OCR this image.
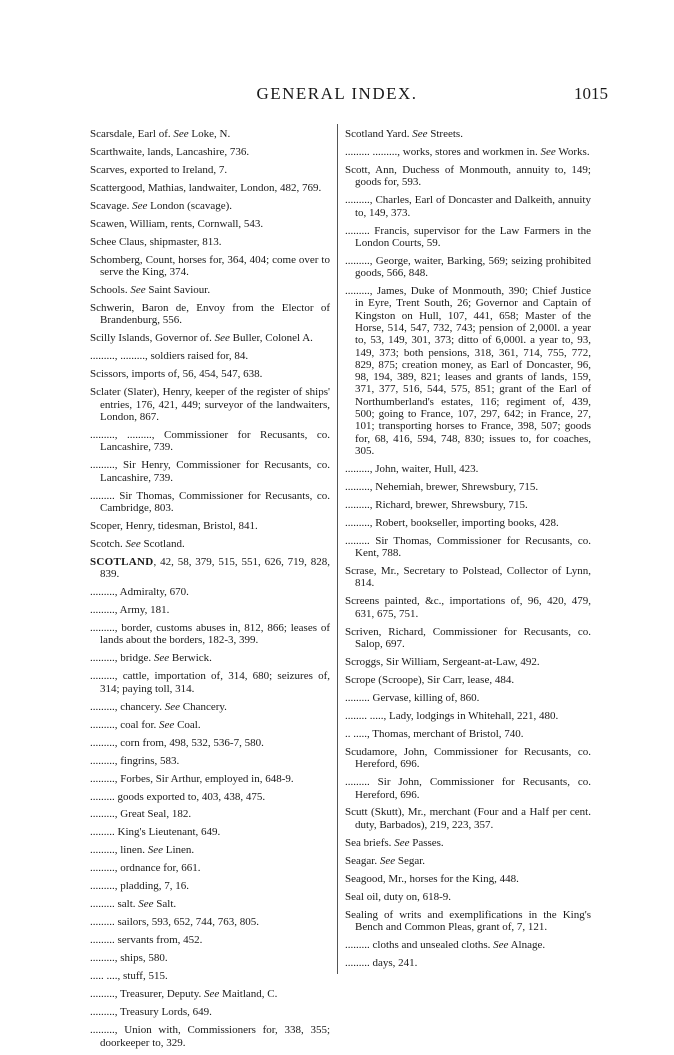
GENERAL INDEX.	1015

Scarsdale, Earl of. See Loke, N.

Scarthwaite, lands, Lancashire, 736.

Scarves, exported to Ireland, 7.

Scattergood, Mathias, landwaiter, London, 482, 769.

Scavage. See London (scavage).

Scawen, William, rents, Cornwall, 543.

Schee Claus, shipmaster, 813.

Schomberg, Count, horses for, 364, 404; come over to serve the King, 374.

Schools. See Saint Saviour.

Schwerin, Baron de, Envoy from the Elector of Brandenburg, 556.

Scilly Islands, Governor of. See Buller, Colonel A.

........., ........., soldiers raised for, 84.

Scissors, imports of, 56, 454, 547, 638.

Sclater (Slater), Henry, keeper of the register of ships' entries, 176, 421, 449; surveyor of the landwaiters, London, 867.

........., ........., Commissioner for Recusants, co. Lancashire, 739.

........., Sir Henry, Commissioner for Recusants, co. Lancashire, 739.

......... Sir Thomas, Commissioner for Recusants, co. Cambridge, 803.

Scoper, Henry, tidesman, Bristol, 841.

Scotch. See Scotland.

SCOTLAND, 42, 58, 379, 515, 551, 626, 719, 828, 839.

........., Admiralty, 670.

........., Army, 181.

........., border, customs abuses in, 812, 866; leases of lands about the borders, 182-3, 399.

........., bridge. See Berwick.

........., cattle, importation of, 314, 680; seizures of, 314; paying toll, 314.

........., chancery. See Chancery.

........., coal for. See Coal.

........., corn from, 498, 532, 536-7, 580.

........., fingrins, 583.

........., Forbes, Sir Arthur, employed in, 648-9.

......... goods exported to, 403, 438, 475.

........., Great Seal, 182.

......... King's Lieutenant, 649.

........., linen. See Linen.

........., ordnance for, 661.

........., pladding, 7, 16.

......... salt. See Salt.

......... sailors, 593, 652, 744, 763, 805.

......... servants from, 452.

........., ships, 580.

..... ...., stuff, 515.

........., Treasurer, Deputy. See Maitland, C.

........., Treasury Lords, 649.

........., Union with, Commissioners for, 338, 355; doorkeeper to, 329.

Scotland Yard. See Streets.

......... ........., works, stores and workmen in. See Works.

Scott, Ann, Duchess of Monmouth, annuity to, 149; goods for, 593.

........., Charles, Earl of Doncaster and Dalkeith, annuity to, 149, 373.

......... Francis, supervisor for the Law Farmers in the London Courts, 59.

........., George, waiter, Barking, 569; seizing prohibited goods, 566, 848.

........., James, Duke of Monmouth, 390; Chief Justice in Eyre, Trent South, 26; Governor and Captain of Kingston on Hull, 107, 441, 658; Master of the Horse, 514, 547, 732, 743; pension of 2,000l. a year to, 53, 149, 301, 373; ditto of 6,000l. a year to, 93, 149, 373; both pensions, 318, 361, 714, 755, 772, 829, 875; creation money, as Earl of Doncaster, 96, 98, 194, 389, 821; leases and grants of lands, 159, 371, 377, 516, 544, 575, 851; grant of the Earl of Northumberland's estates, 116; regiment of, 439, 500; going to France, 107, 297, 642; in France, 27, 101; transporting horses to France, 398, 507; goods for, 68, 416, 594, 748, 830; issues to, for coaches, 305.

........., John, waiter, Hull, 423.

........., Nehemiah, brewer, Shrewsbury, 715.

........., Richard, brewer, Shrewsbury, 715.

........., Robert, bookseller, importing books, 428.

......... Sir Thomas, Commissioner for Recusants, co. Kent, 788.

Scrase, Mr., Secretary to Polstead, Collector of Lynn, 814.

Screens painted, &c., importations of, 96, 420, 479, 631, 675, 751.

Scriven, Richard, Commissioner for Recusants, co. Salop, 697.

Scroggs, Sir William, Sergeant-at-Law, 492.

Scrope (Scroope), Sir Carr, lease, 484.

......... Gervase, killing of, 860.

........ ....., Lady, lodgings in Whitehall, 221, 480.

.. ....., Thomas, merchant of Bristol, 740.

Scudamore, John, Commissioner for Recusants, co. Hereford, 696.

......... Sir John, Commissioner for Recusants, co. Hereford, 696.

Scutt (Skutt), Mr., merchant (Four and a Half per cent. duty, Barbados), 219, 223, 357.

Sea briefs. See Passes.

Seagar. See Segar.

Seagood, Mr., horses for the King, 448.

Seal oil, duty on, 618-9.

Sealing of writs and exemplifications in the King's Bench and Common Pleas, grant of, 7, 121.

......... cloths and unsealed cloths. See Alnage.

......... days, 241.
